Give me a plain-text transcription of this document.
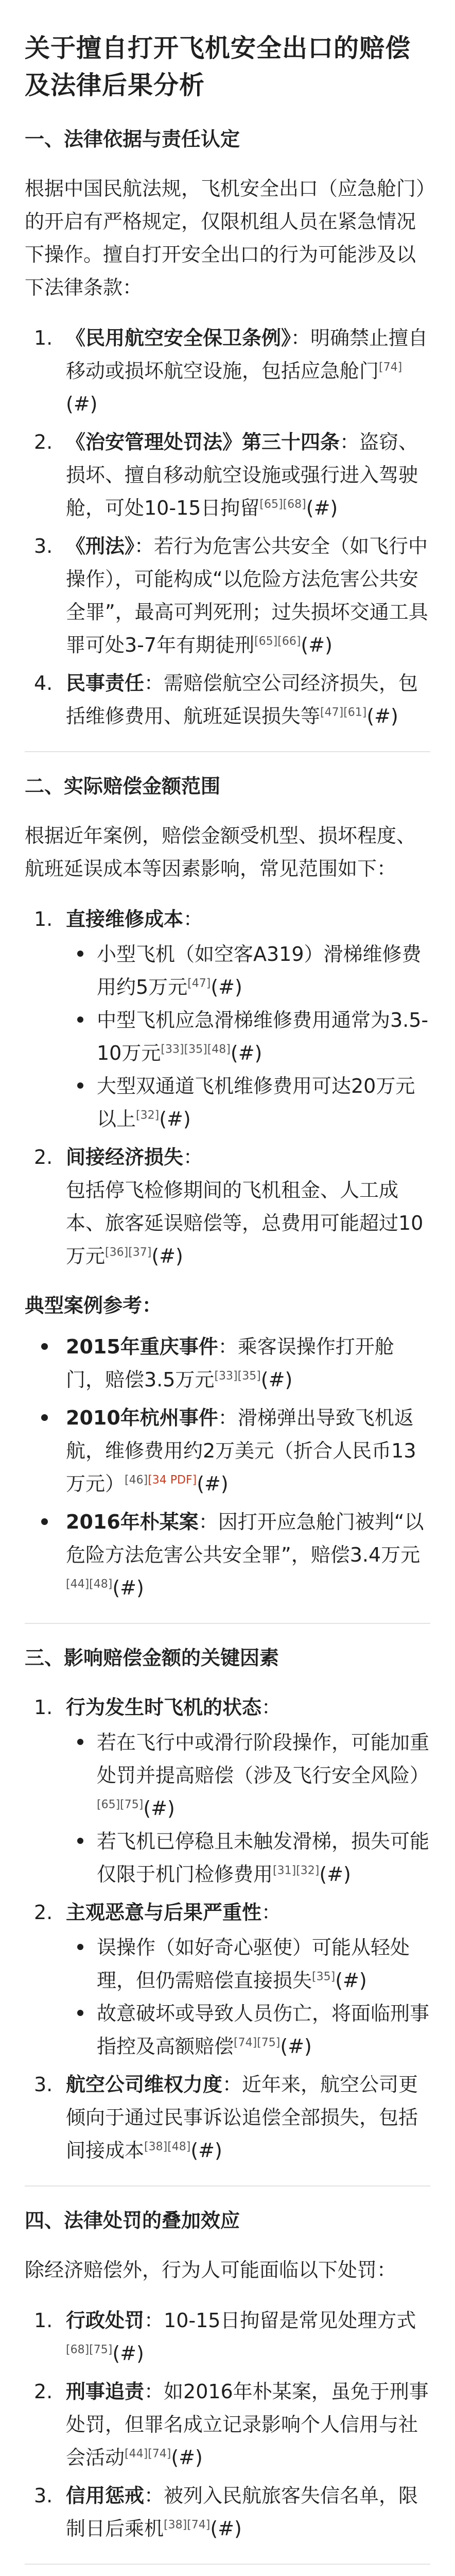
关于擅自打开飞机安全出口的赔偿及法律后果分析
一、法律依据与责任认定

根据中国民航法规，飞机安全出口（应急舱门）的开启有严格规定，仅限机组人员在紧急情况下操作。擅自打开安全出口的行为可能涉及以下法律条款：

1. 《民用航空安全保卫条例》：明确禁止擅自移动或损坏航空设施，包括应急舱门[74](#)
2. 《治安管理处罚法》第三十四条：盗窃、损坏、擅自移动航空设施或强行进入驾驶舱，可处10-15日拘留[65][68](#)
3. 《刑法》：若行为危害公共安全（如飞行中操作），可能构成“以危险方法危害公共安全罪”，最高可判死刑；过失损坏交通工具罪可处3-7年有期徒刑[65][66](#)
4. 民事责任：需赔偿航空公司经济损失，包括维修费用、航班延误损失等[47][61](#)
二、实际赔偿金额范围

根据近年案例，赔偿金额受机型、损坏程度、航班延误成本等因素影响，常见范围如下：

1. 直接维修成本：
小型飞机（如空客A319）滑梯维修费用约5万元[47](#)
中型飞机应急滑梯维修费用通常为3.5-10万元[33][35][48](#)
大型双通道飞机维修费用可达20万元以上[32](#)
2. 间接经济损失：
包括停飞检修期间的飞机租金、人工成本、旅客延误赔偿等，总费用可能超过10万元[36][37](#)
典型案例参考：
2015年重庆事件：乘客误操作打开舱门，赔偿3.5万元[33][35](#)
2010年杭州事件：滑梯弹出导致飞机返航，维修费用约2万美元（折合人民币13万元）[46][34 PDF](#)
2016年朴某案：因打开应急舱门被判“以危险方法危害公共安全罪”，赔偿3.4万元[44][48](#)
三、影响赔偿金额的关键因素
1. 行为发生时飞机的状态：
若在飞行中或滑行阶段操作，可能加重处罚并提高赔偿（涉及飞行安全风险）[65][75](#)
若飞机已停稳且未触发滑梯，损失可能仅限于机门检修费用[31][32](#)
2. 主观恶意与后果严重性：
误操作（如好奇心驱使）可能从轻处理，但仍需赔偿直接损失[35](#)
故意破坏或导致人员伤亡，将面临刑事指控及高额赔偿[74][75](#)
3. 航空公司维权力度：近年来，航空公司更倾向于通过民事诉讼追偿全部损失，包括间接成本[38][48](#)
四、法律处罚的叠加效应

除经济赔偿外，行为人可能面临以下处罚：

1. 行政处罚：10-15日拘留是常见处理方式[68][75](#)
2. 刑事追责：如2016年朴某案，虽免于刑事处罚，但罪名成立记录影响个人信用与社会活动[44][74](#)
3. 信用惩戒：被列入民航旅客失信名单，限制日后乘机[38][74](#)
